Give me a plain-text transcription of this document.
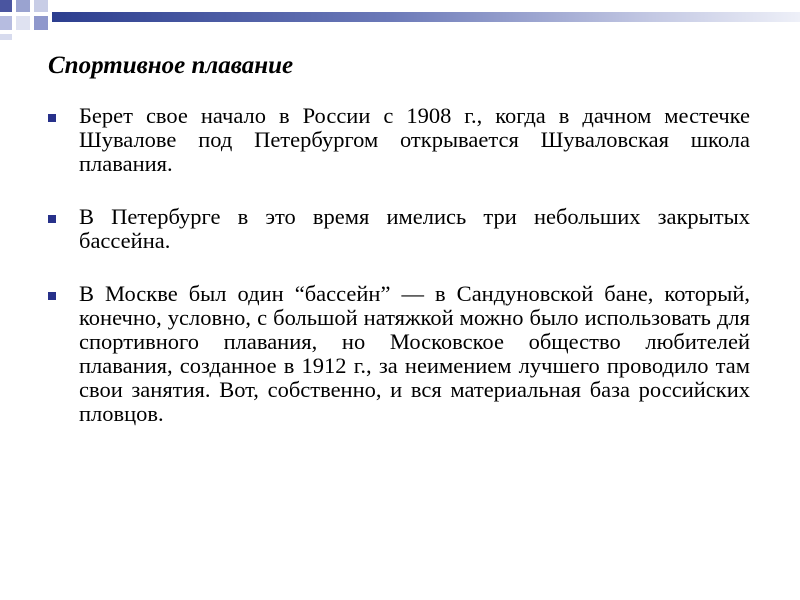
Спортивное плавание
Берет свое начало в России с 1908 г., когда в дачном местечке Шувалове под Петербургом открывается Шуваловская школа плавания.
В Петербурге в это время имелись три небольших закрытых бассейна.
В Москве был один “бассейн” — в Сандуновской бане, который, конечно, условно, с большой натяжкой можно было использовать для спортивного плавания, но Московское общество любителей плавания, созданное в 1912 г., за неимением лучшего проводило там свои занятия. Вот, собственно, и вся материальная база российских пловцов.
